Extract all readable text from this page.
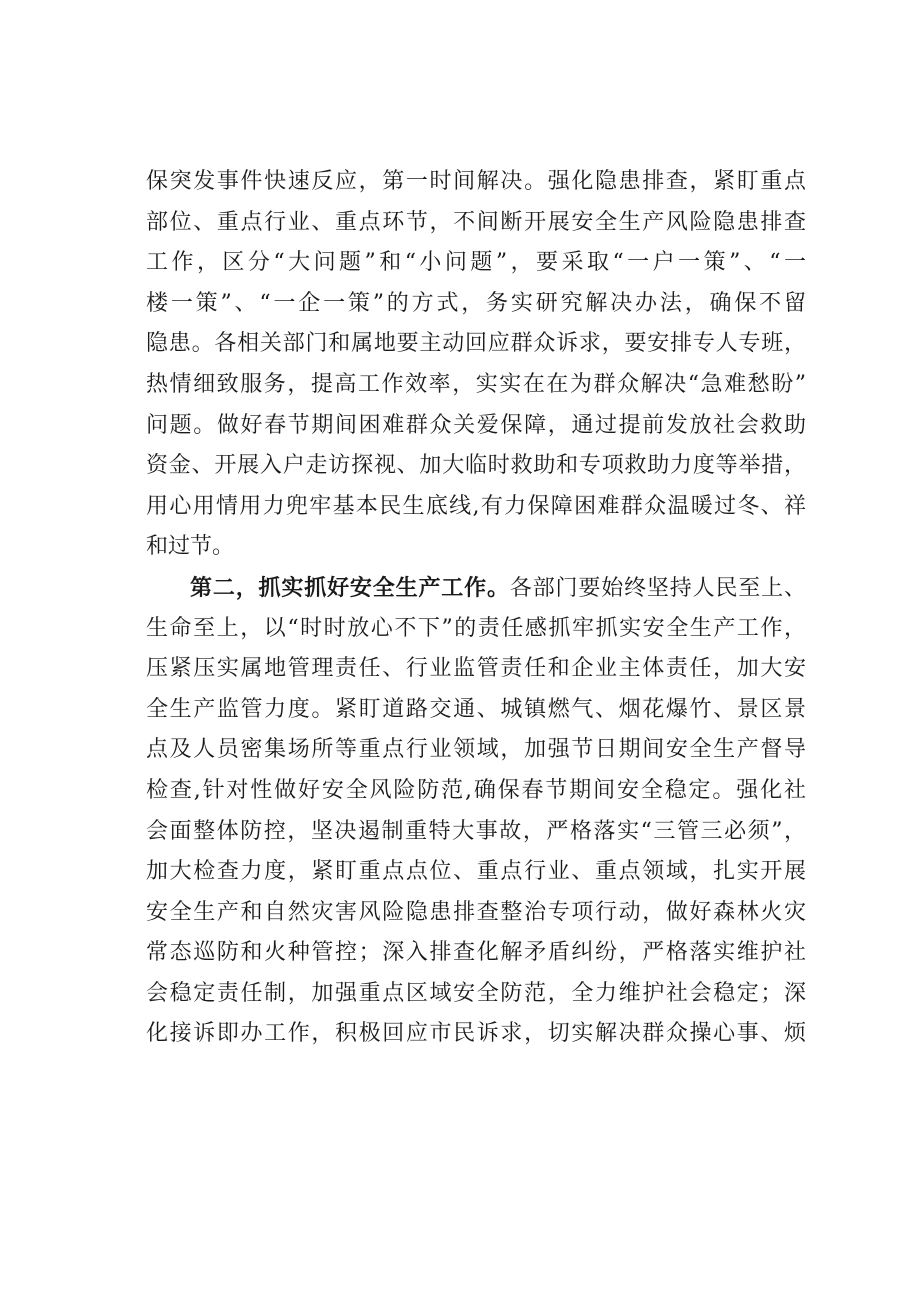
保突发事件快速反应，第一时间解决。强化隐患排查，紧盯重点
部位、重点行业、重点环节，不间断开展安全生产风险隐患排查
工作，区分“大问题”和“小问题”，要采取“一户一策”、“一
楼一策”、“一企一策”的方式，务实研究解决办法，确保不留
隐患。各相关部门和属地要主动回应群众诉求，要安排专人专班，
热情细致服务，提高工作效率，实实在在为群众解决“急难愁盼”
问题。做好春节期间困难群众关爱保障，通过提前发放社会救助
资金、开展入户走访探视、加大临时救助和专项救助力度等举措，
用心用情用力兜牢基本民生底线,有力保障困难群众温暖过冬、祥
和过节。
第二，抓实抓好安全生产工作。各部门要始终坚持人民至上、
生命至上，以“时时放心不下”的责任感抓牢抓实安全生产工作，
压紧压实属地管理责任、行业监管责任和企业主体责任，加大安
全生产监管力度。紧盯道路交通、城镇燃气、烟花爆竹、景区景
点及人员密集场所等重点行业领域，加强节日期间安全生产督导
检查,针对性做好安全风险防范,确保春节期间安全稳定。强化社
会面整体防控，坚决遏制重特大事故，严格落实“三管三必须”，
加大检查力度，紧盯重点点位、重点行业、重点领域，扎实开展
安全生产和自然灾害风险隐患排查整治专项行动，做好森林火灾
常态巡防和火种管控；深入排查化解矛盾纠纷，严格落实维护社
会稳定责任制，加强重点区域安全防范，全力维护社会稳定；深
化接诉即办工作，积极回应市民诉求，切实解决群众操心事、烦
